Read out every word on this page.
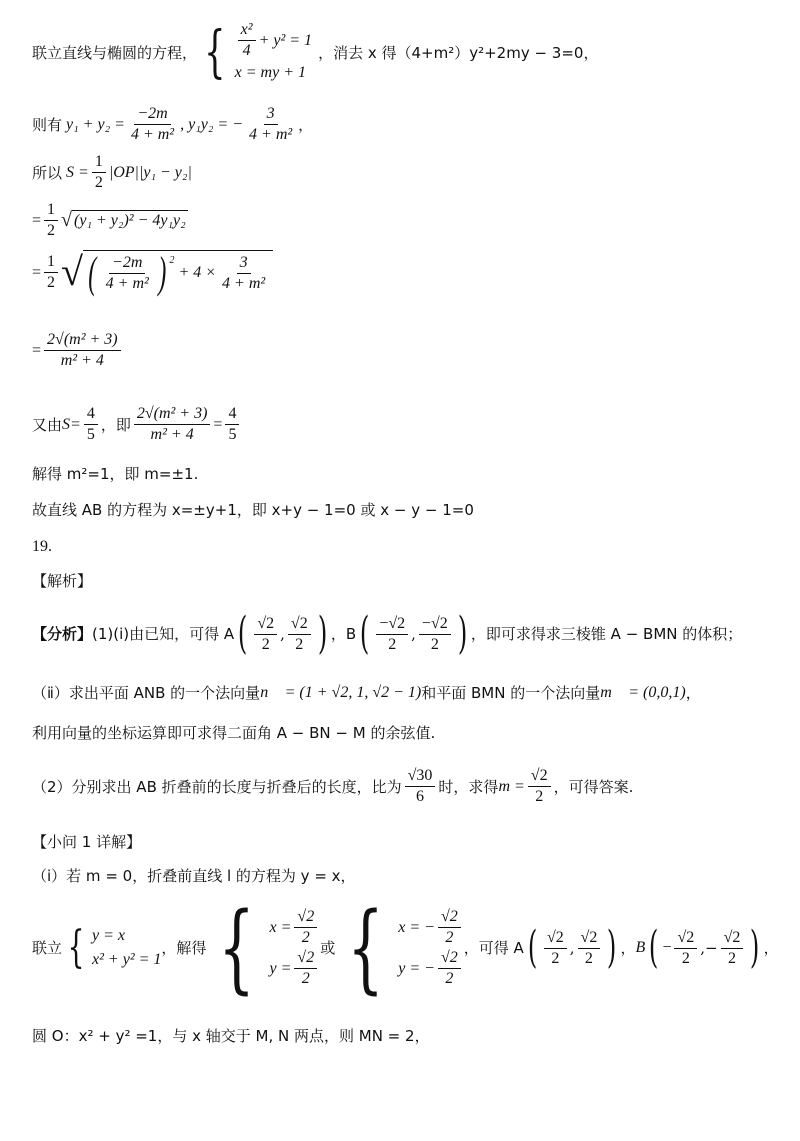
联立直线与椭圆的方程， { $\frac{\text{x²}}{4} + y^2 = 1$
x = my + 1
，消去 x 得（4+m²）y²+2my − 3=0，
则有 $y_1 + y_2 = \frac{-2m}{\text{4 + m²}}$ , y₁y₂ = − $\frac{3}{\text{4 + m²}}$ ，
所以 $S = \frac{1}{2} |OP||y_1 - y_2|$
= $\frac{1}{2}$ √ (y₁ + y₂)² − 4y₁y₂
= $\frac{1}{2}$ √ ( $\frac{-2m}{\text{4 + m²}}$ ) $^2$
+ $4 \times \frac{3}{\text{4 + m²}}$
= $\frac{\text{2√(m² + 3)}}{\text{m² + 4}}$
又由 $S= \frac{4}{5}$ ，即 $\frac{\text{2√(m² + 3)}}{\text{m² + 4}} = \frac{4}{5}$
解得 m²=1，即 m=±1.
故直线 AB 的方程为 x=±y+1，即 x+y − 1=0 或 x − y − 1=0
19.
【解析】
【分析】 (1)(ⅰ)由已知，可得 A ( $\frac{√2}{2}$ , $\frac{√2}{2}$ ) ，B ( $\frac{-√2}{2}$ , $\frac{-√2}{2}$ ) ，即可求得求三棱锥 A − BMN 的体积；
（ⅱ）求出平面 ANB 的一个法向量 n⃗ = (1 + √2, 1, √2 − 1) 和平面 BMN 的一个法向量 m⃗ = (0,0,1) ，
利用向量的坐标运算即可求得二面角 A − BN − M 的余弦值.
（2）分别求出 AB 折叠前的长度与折叠后的长度，比为 $\frac{√30}{6}$ 时，求得 $m = \frac{√2}{2}$ ，可得答案.
【小问 1 详解】
（ⅰ）若 m = 0，折叠前直线 l 的方程为 y = x，
联立 { y = x
x² + y² = 1
，解得 { $x = \frac{√2}{2}$
$y = \frac{√2}{2}$ 或 { x = − $\frac{√2}{2}$
y = − $\frac{√2}{2}$ ，可得 A ( $\frac{√2}{2}$ , $\frac{√2}{2}$ ) ， B ( − $\frac{√2}{2}$ ,− $\frac{√2}{2}$ ) ，
圆 O：x² + y² =1，与 x 轴交于 M, N 两点，则 MN = 2，
